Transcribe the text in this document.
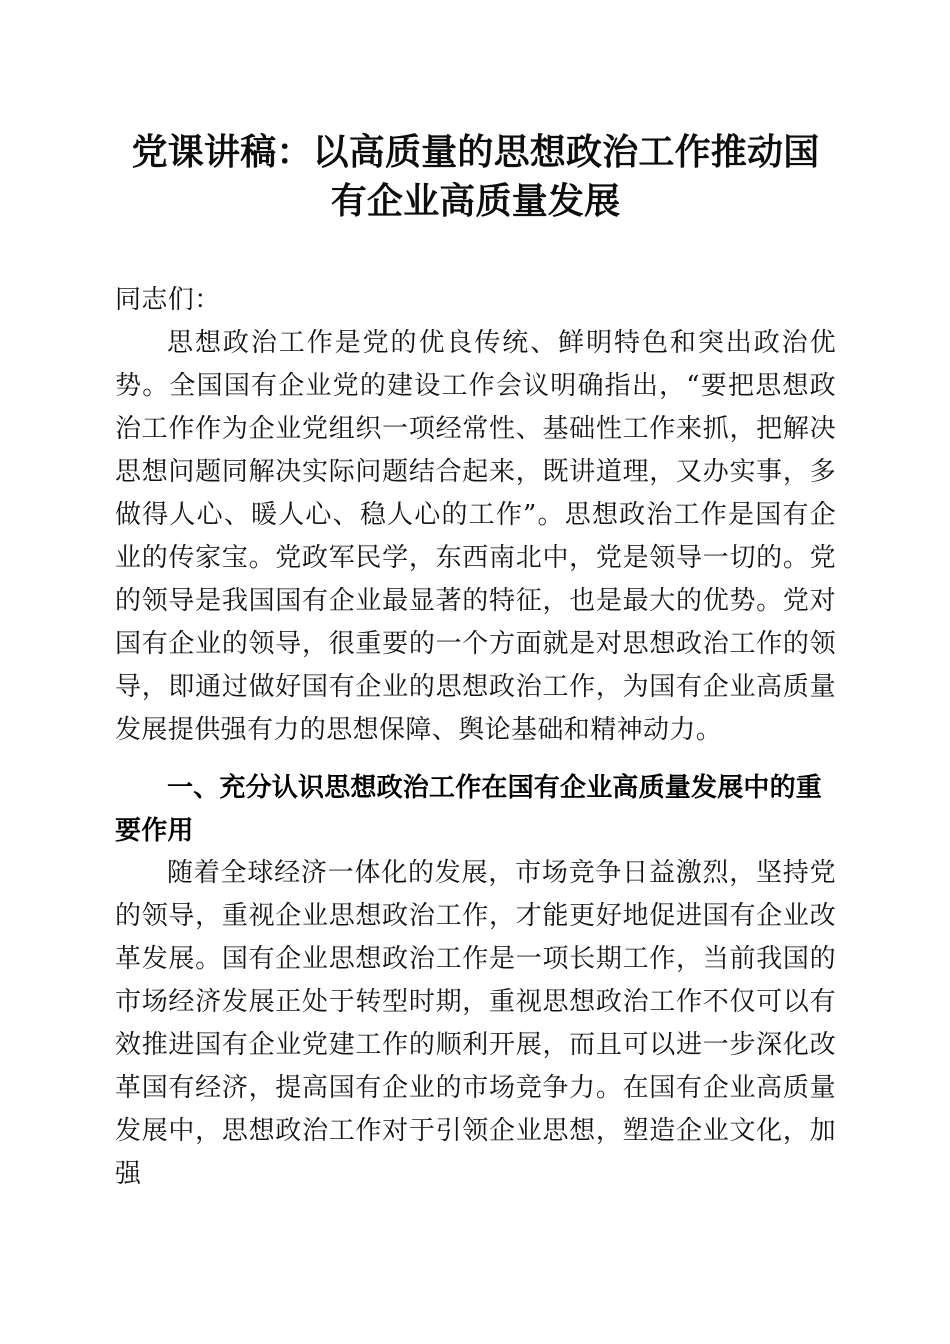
党课讲稿：以高质量的思想政治工作推动国有企业高质量发展

同志们：

思想政治工作是党的优良传统、鲜明特色和突出政治优势。全国国有企业党的建设工作会议明确指出，“要把思想政治工作作为企业党组织一项经常性、基础性工作来抓，把解决思想问题同解决实际问题结合起来，既讲道理，又办实事，多做得人心、暖人心、稳人心的工作”。思想政治工作是国有企业的传家宝。党政军民学，东西南北中，党是领导一切的。党的领导是我国国有企业最显著的特征，也是最大的优势。党对国有企业的领导，很重要的一个方面就是对思想政治工作的领导，即通过做好国有企业的思想政治工作，为国有企业高质量发展提供强有力的思想保障、舆论基础和精神动力。

一、充分认识思想政治工作在国有企业高质量发展中的重要作用

随着全球经济一体化的发展，市场竞争日益激烈，坚持党的领导，重视企业思想政治工作，才能更好地促进国有企业改革发展。国有企业思想政治工作是一项长期工作，当前我国的市场经济发展正处于转型时期，重视思想政治工作不仅可以有效推进国有企业党建工作的顺利开展，而且可以进一步深化改革国有经济，提高国有企业的市场竞争力。在国有企业高质量发展中，思想政治工作对于引领企业思想，塑造企业文化，加强
